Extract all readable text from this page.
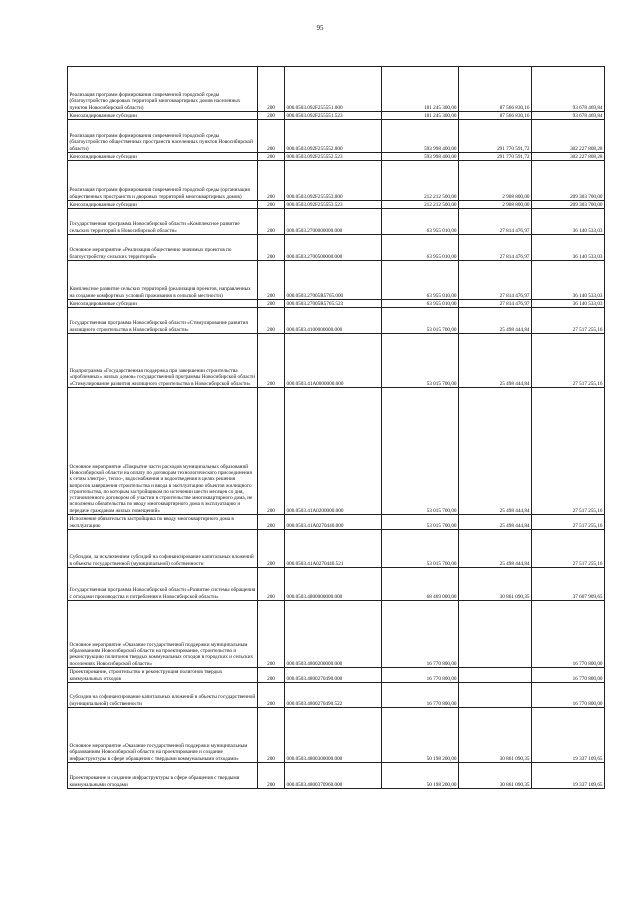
95
Реализация программ формирования современной городской среды (благоустройство дворовых территорий многоквартирных домов населенных пунктов Новосибирской области)	200	000.0503.092F255551.000	181 245 300,00	87 566 830,16	93 678 469,84
Консолидированные субсидии	200	000.0503.092F255551.523	181 245 300,00	87 566 830,16	93 678 469,84
Реализация программ формирования современной городской среды (благоустройство общественных пространств населенных пунктов Новосибирской области)	200	000.0503.092F255552.000	593 998 400,00	291 770 591,72	302 227 808,28
Консолидированные субсидии	200	000.0503.092F255552.523	593 998 400,00	291 770 591,72	302 227 808,28
Реализация программ формирования современной городской среды (организация общественных пространств и дворовых территорий многоквартирных домов)	200	000.0503.092F255553.000	212 212 500,00	2 908 800,00	209 303 700,00
Консолидированные субсидии	200	000.0503.092F255553.523	212 212 500,00	2 908 800,00	209 303 700,00
Государственная программа Новосибирской области «Комплексное развитие сельских территорий в Новосибирской области»	200	000.0503.2700000000.000	63 955 010,00	27 814 476,97	36 140 533,03
Основное мероприятие «Реализация общественно значимых проектов по благоустройству сельских территорий»	200	000.0503.2700500000.000	63 955 010,00	27 814 476,97	36 140 533,03
Комплексное развитие сельских территорий (реализация проектов, направленных на создание комфортных условий проживания в сельской местности)	200	000.0503.27005R5765.000	63 955 010,00	27 814 476,97	36 140 533,03
Консолидированные субсидии	200	000.0503.27005R5765.523	63 955 010,00	27 814 476,97	36 140 533,03
Государственная программа Новосибирской области «Стимулирование развития жилищного строительства в Новосибирской области»	200	000.0503.4100000000.000	53 015 700,00	25 498 444,84	27 517 255,16
Подпрограмма «Государственная поддержка при завершении строительства «проблемных» жилых домов» государственной программы Новосибирской области «Стимулирование развития жилищного строительства в Новосибирской области»	200	000.0503.41А0000000.000	53 015 700,00	25 498 444,84	27 517 255,16
Основное мероприятие «Покрытие части расходов муниципальных образований Новосибирской области на оплату по договорам технологического присоединения к сетям электро-, тепло-, водоснабжения и водоотведения в целях решения вопросов завершения строительства и ввода в эксплуатацию объектов жилищного строительства, по которым застройщиком по истечении шести месяцев со дня, установленного договором об участии в строительстве многоквартирного дома, не исполнены обязательства по вводу многоквартирного дома в эксплуатацию и передаче гражданам жилых помещений»	200	000.0503.41А0200000.000	53 015 700,00	25 498 444,84	27 517 255,16
Исполнение обязательств застройщика по вводу многоквартирного дома в эксплуатацию	200	000.0503.41А0270440.000	53 015 700,00	25 498 444,84	27 517 255,16
Субсидии, за исключением субсидий на софинансирование капитальных вложений в объекты государственной (муниципальной) собственности	200	000.0503.41А0270440.521	53 015 700,00	25 498 444,84	27 517 255,16
Государственная программа Новосибирской области «Развитие системы обращения с отходами производства и потребления в Новосибирской области»	200	000.0503.4800000000.000	68 469 000,00	30 861 090,35	37 607 909,65
Основное мероприятие «Оказание государственной поддержки муниципальным образованиям Новосибирской области на проектирование, строительство и реконструкцию полигонов твердых коммунальных отходов в городских и сельских поселениях Новосибирской области»	200	000.0503.4800200000.000	16 770 800,00		16 770 800,00
Проектирование, строительство и реконструкция полигонов твердых коммунальных отходов	200	000.0503.4800270490.000	16 770 800,00		16 770 800,00
Субсидии на софинансирование капитальных вложений в объекты государственной (муниципальной) собственности	200	000.0503.4800270490.522	16 770 800,00		16 770 800,00
Основное мероприятие «Оказание государственной поддержки муниципальным образованиям Новосибирской области на проектирование и создание инфраструктуры в сфере обращения с твердыми коммунальными отходами»	200	000.0503.4800300000.000	50 198 200,00	30 861 090,35	19 337 109,65
Проектирование и создание инфраструктуры в сфере обращения с твердыми коммунальными отходами	200	000.0503.4800370960.000	50 198 200,00	30 861 090,35	19 337 109,65
